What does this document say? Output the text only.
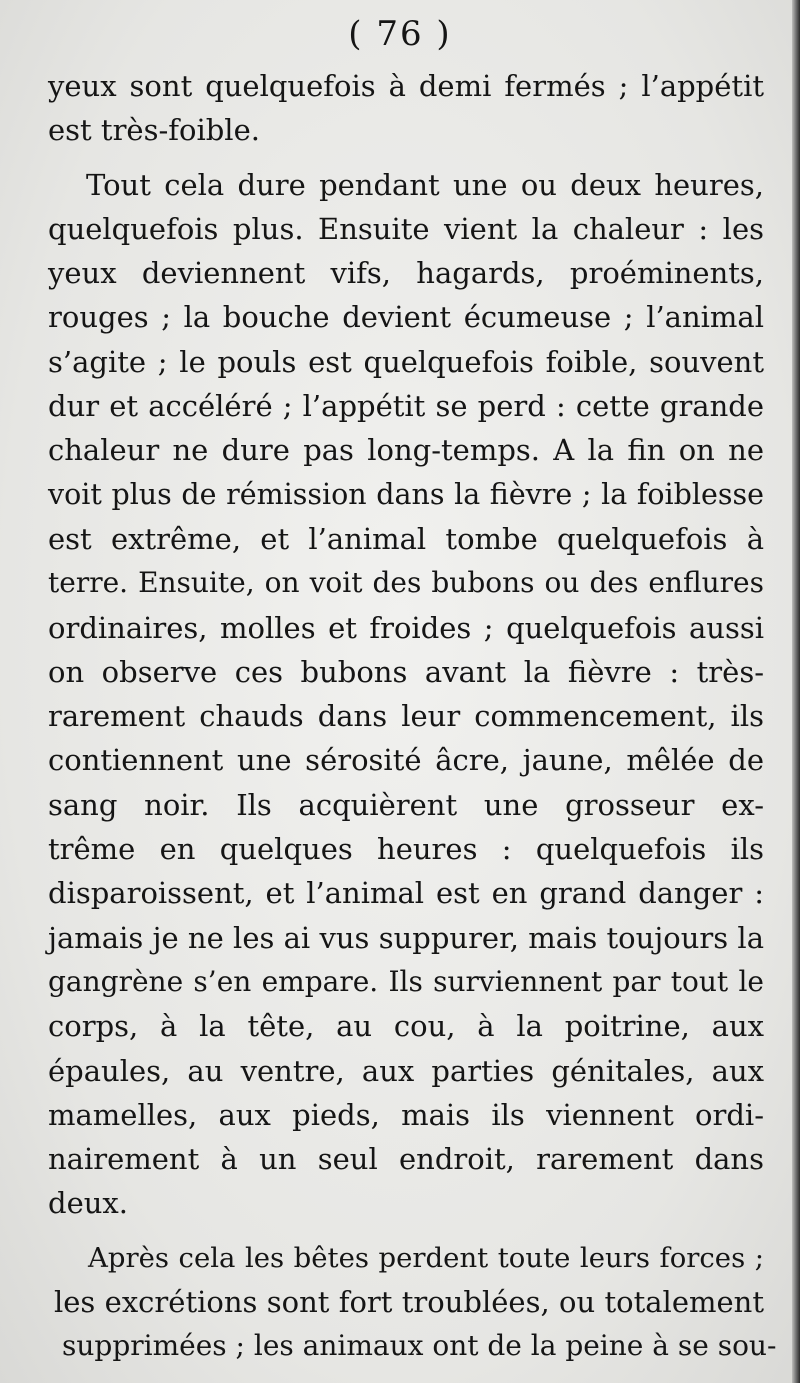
( 76 )
yeux sont quelquefois à demi fermés ; l’appétit
est très-foible.
Tout cela dure pendant une ou deux heures,
quelquefois plus. Ensuite vient la chaleur : les
yeux deviennent vifs, hagards, proéminents,
rouges ; la bouche devient écumeuse ; l’animal
s’agite ; le pouls est quelquefois foible, souvent
dur et accéléré ; l’appétit se perd : cette grande
chaleur ne dure pas long-temps. A la fin on ne
voit plus de rémission dans la fièvre ; la foiblesse
est extrême, et l’animal tombe quelquefois à
terre. Ensuite, on voit des bubons ou des enflures
ordinaires, molles et froides ; quelquefois aussi
on observe ces bubons avant la fièvre : très-
rarement chauds dans leur commencement, ils
contiennent une sérosité âcre, jaune, mêlée de
sang noir. Ils acquièrent une grosseur ex-
trême en quelques heures : quelquefois ils
disparoissent, et l’animal est en grand danger :
jamais je ne les ai vus suppurer, mais toujours la
gangrène s’en empare. Ils surviennent par tout le
corps, à la tête, au cou, à la poitrine, aux
épaules, au ventre, aux parties génitales, aux
mamelles, aux pieds, mais ils viennent ordi-
nairement à un seul endroit, rarement dans
deux.
Après cela les bêtes perdent toute leurs forces ;
les excrétions sont fort troublées, ou totalement
supprimées ; les animaux ont de la peine à se sou-
